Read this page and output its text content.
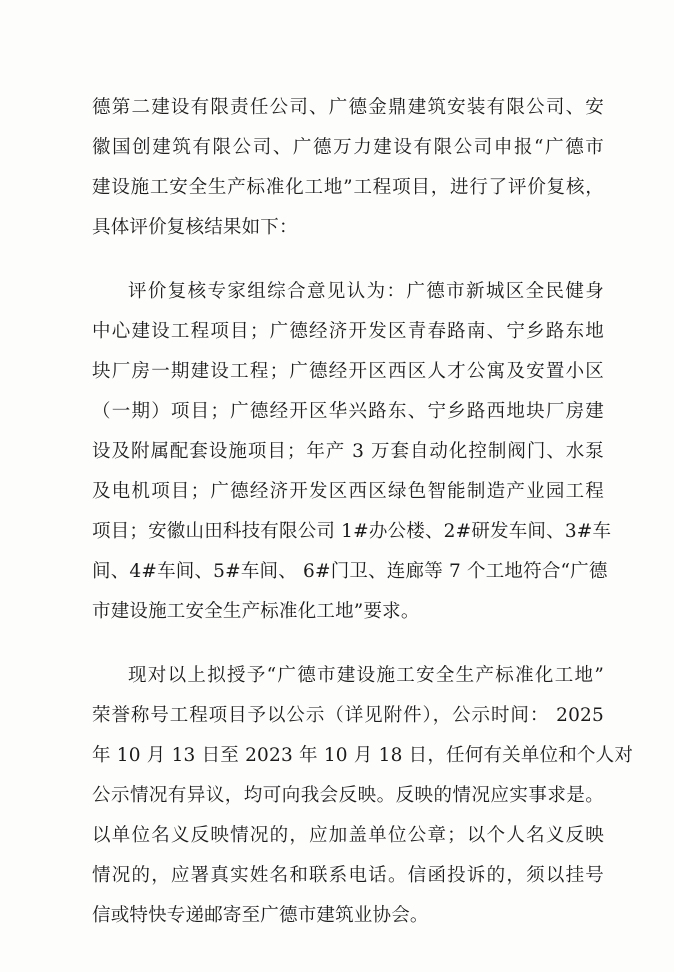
德第二建设有限责任公司、广德金鼎建筑安装有限公司、安
徽国创建筑有限公司、广德万力建设有限公司申报“广德市
建设施工安全生产标准化工地”工程项目，进行了评价复核，
具体评价复核结果如下：
评价复核专家组综合意见认为：广德市新城区全民健身
中心建设工程项目；广德经济开发区青春路南、宁乡路东地
块厂房一期建设工程；广德经开区西区人才公寓及安置小区
（一期）项目；广德经开区华兴路东、宁乡路西地块厂房建
设及附属配套设施项目；年产 3 万套自动化控制阀门、水泵
及电机项目；广德经济开发区西区绿色智能制造产业园工程
项目；安徽山田科技有限公司 1#办公楼、2#研发车间、3#车
间、4#车间、5#车间、 6#门卫、连廊等 7 个工地符合“广德
市建设施工安全生产标准化工地”要求。
现对以上拟授予“广德市建设施工安全生产标准化工地”
荣誉称号工程项目予以公示（详见附件），公示时间： 2025
年 10 月 13 日至 2023 年 10 月 18 日，任何有关单位和个人对
公示情况有异议，均可向我会反映。反映的情况应实事求是。
以单位名义反映情况的，应加盖单位公章；以个人名义反映
情况的，应署真实姓名和联系电话。信函投诉的，须以挂号
信或特快专递邮寄至广德市建筑业协会。
